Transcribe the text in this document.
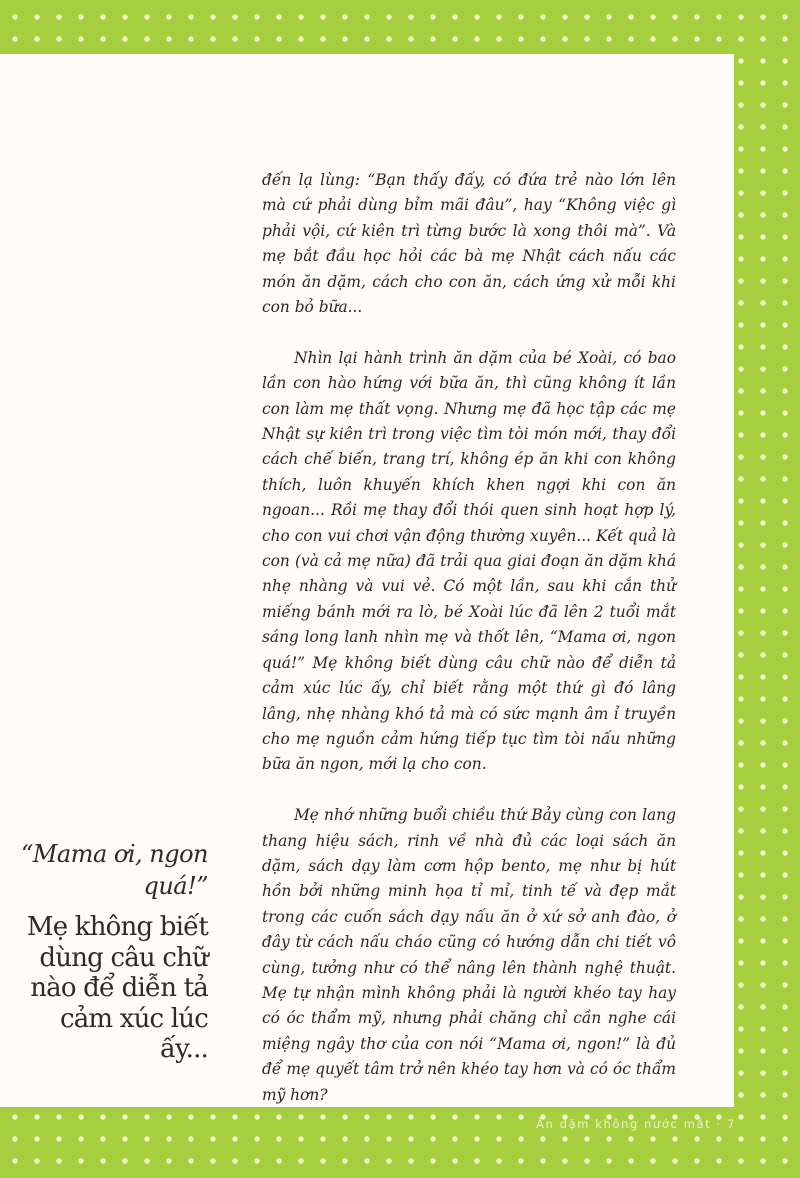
đến lạ lùng: “Bạn thấy đấy, có đứa trẻ nào lớn lên mà cứ phải dùng bỉm mãi đâu”, hay “Không việc gì phải vội, cứ kiên trì từng bước là xong thôi mà”. Và mẹ bắt đầu học hỏi các bà mẹ Nhật cách nấu các món ăn dặm, cách cho con ăn, cách ứng xử mỗi khi con bỏ bữa...

Nhìn lại hành trình ăn dặm của bé Xoài, có bao lần con hào hứng với bữa ăn, thì cũng không ít lần con làm mẹ thất vọng. Nhưng mẹ đã học tập các mẹ Nhật sự kiên trì trong việc tìm tòi món mới, thay đổi cách chế biến, trang trí, không ép ăn khi con không thích, luôn khuyến khích khen ngợi khi con ăn ngoan... Rồi mẹ thay đổi thói quen sinh hoạt hợp lý, cho con vui chơi vận động thường xuyên... Kết quả là con (và cả mẹ nữa) đã trải qua giai đoạn ăn dặm khá nhẹ nhàng và vui vẻ. Có một lần, sau khi cắn thử miếng bánh mới ra lò, bé Xoài lúc đã lên 2 tuổi mắt sáng long lanh nhìn mẹ và thốt lên, “Mama ơi, ngon quá!” Mẹ không biết dùng câu chữ nào để diễn tả cảm xúc lúc ấy, chỉ biết rằng một thứ gì đó lâng lâng, nhẹ nhàng khó tả mà có sức mạnh âm ỉ truyền cho mẹ nguồn cảm hứng tiếp tục tìm tòi nấu những bữa ăn ngon, mới lạ cho con.

Mẹ nhớ những buổi chiều thứ Bảy cùng con lang thang hiệu sách, rinh về nhà đủ các loại sách ăn dặm, sách dạy làm cơm hộp bento, mẹ như bị hút hồn bởi những minh họa tỉ mỉ, tinh tế và đẹp mắt trong các cuốn sách dạy nấu ăn ở xứ sở anh đào, ở đây từ cách nấu cháo cũng có hướng dẫn chi tiết vô cùng, tưởng như có thể nâng lên thành nghệ thuật. Mẹ tự nhận mình không phải là người khéo tay hay có óc thẩm mỹ, nhưng phải chăng chỉ cần nghe cái miệng ngây thơ của con nói “Mama ơi, ngon!” là đủ để mẹ quyết tâm trở nên khéo tay hơn và có óc thẩm mỹ hơn?

“Mama ơi, ngon quá!”
Mẹ không biết dùng câu chữ nào để diễn tả cảm xúc lúc ấy...
Ăn dặm không nước mắt · 7
